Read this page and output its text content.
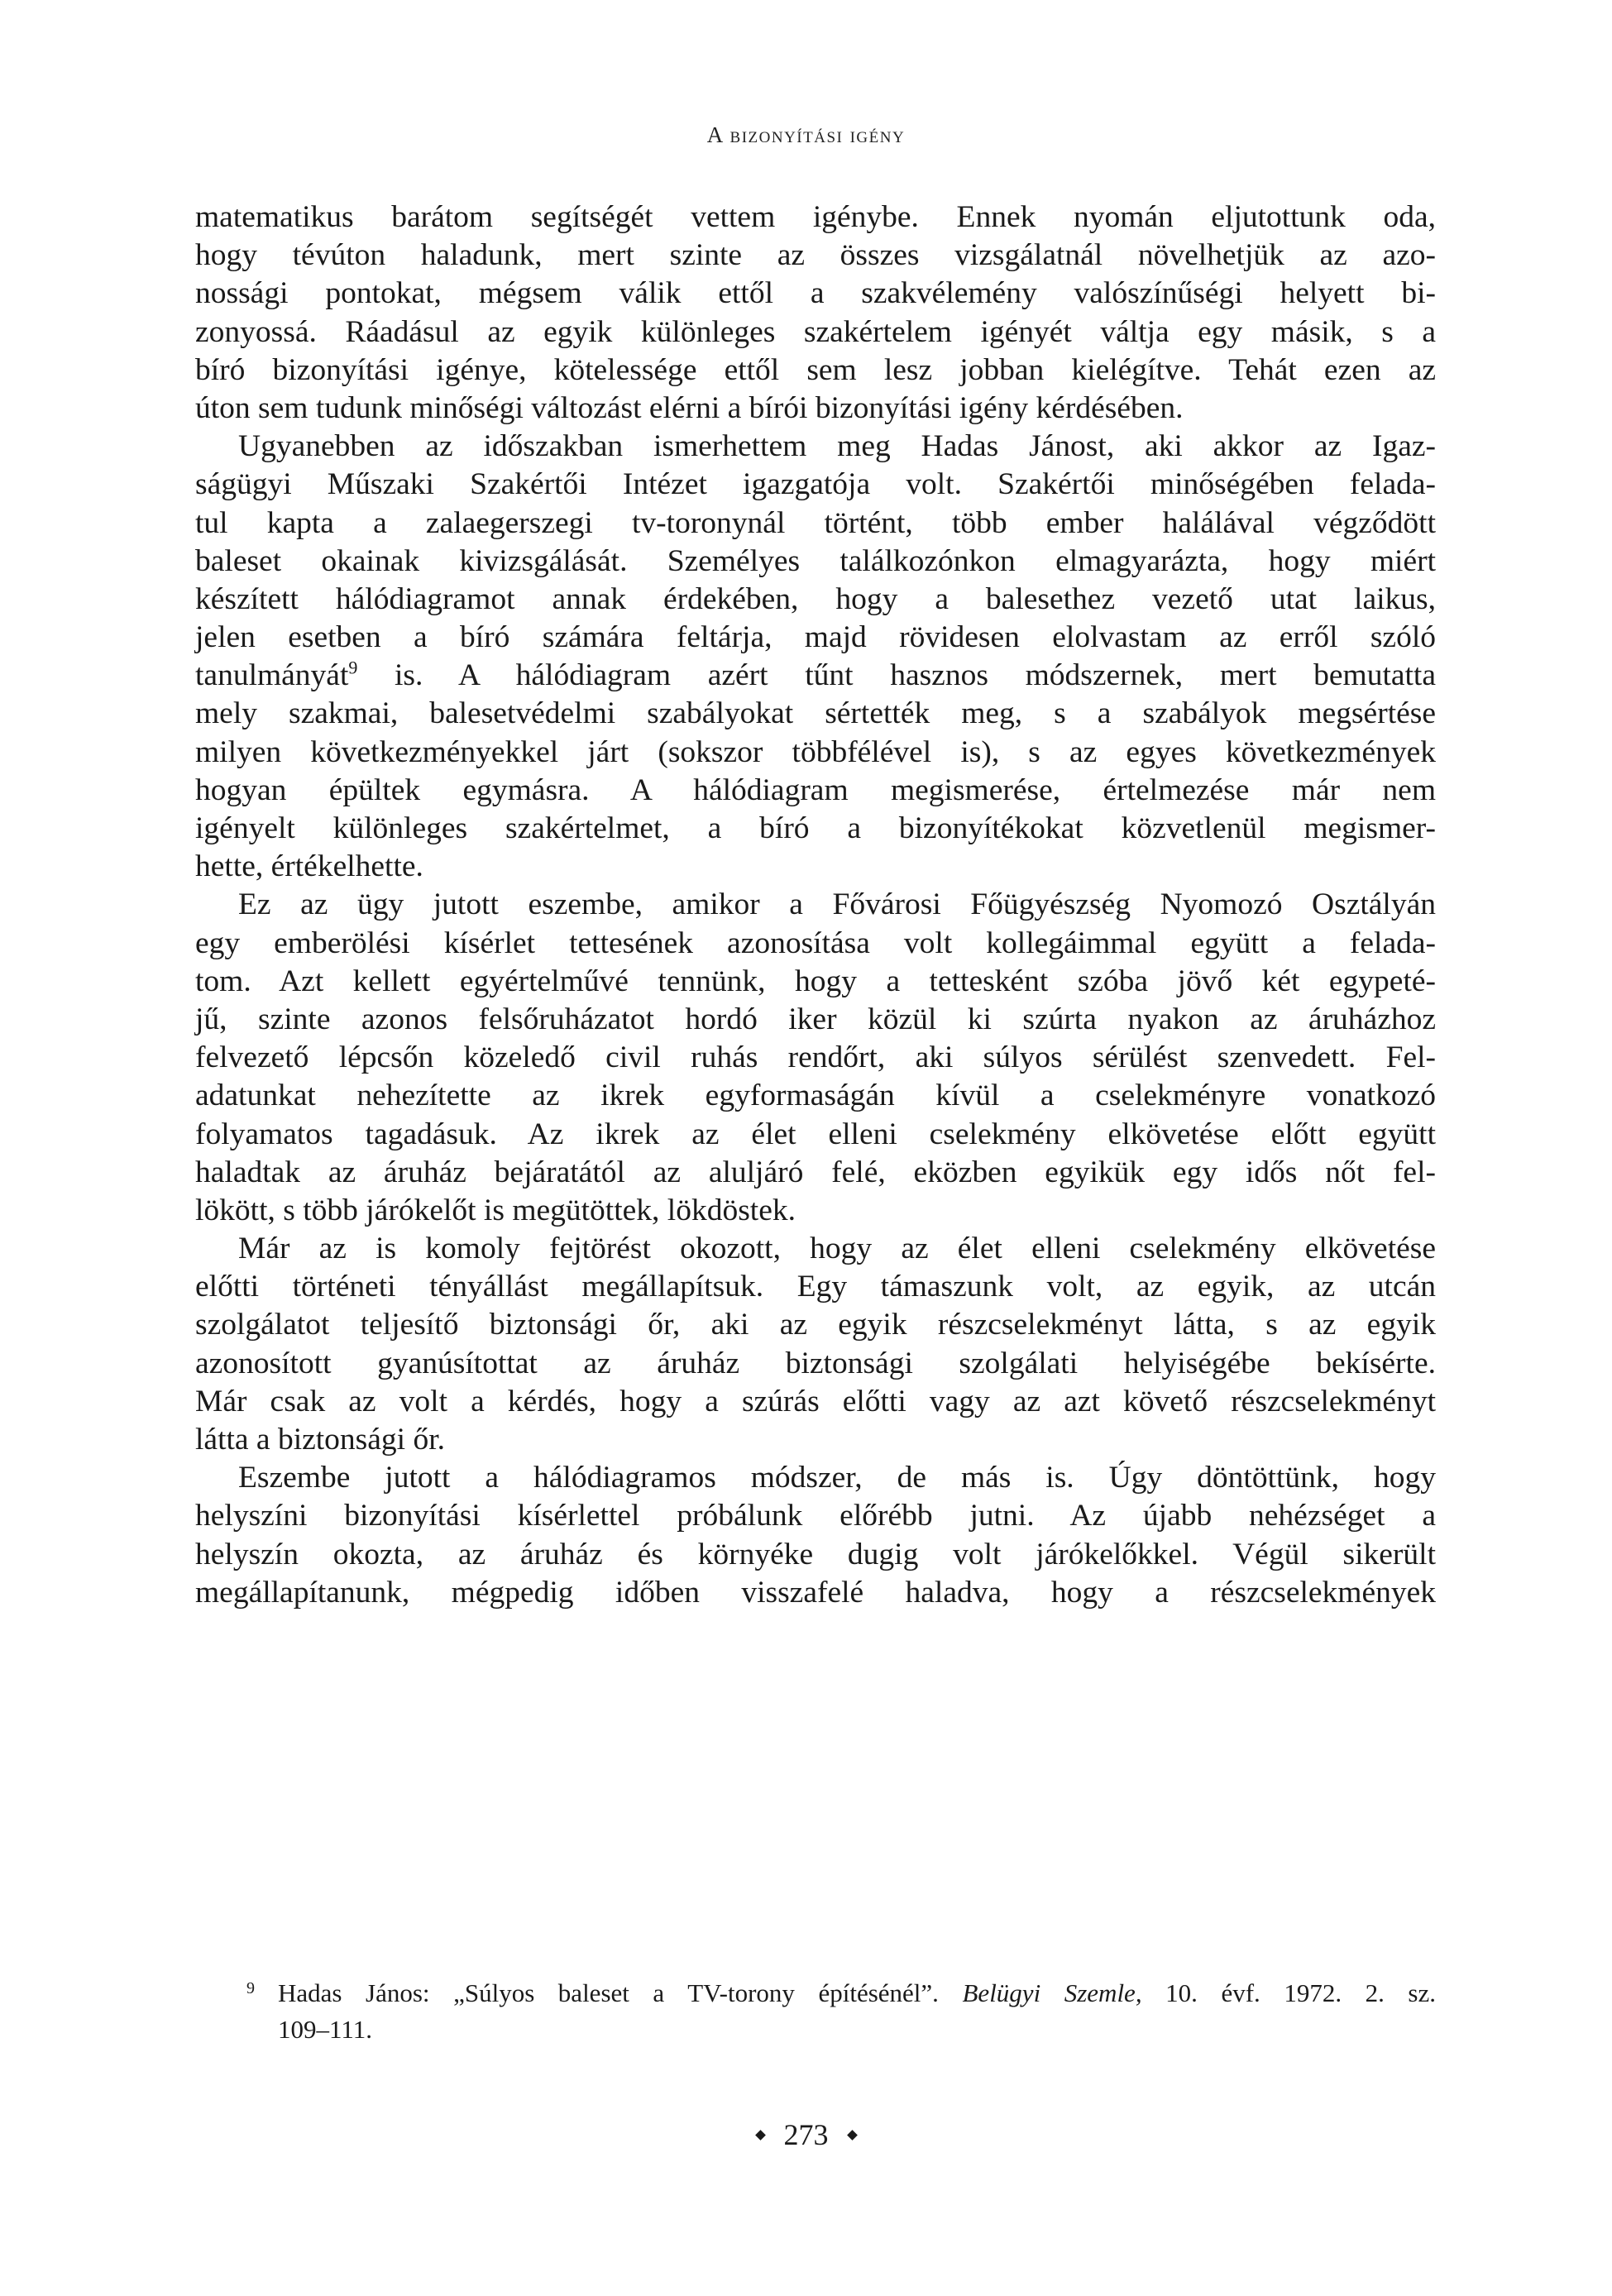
A bizonyítási igény
matematikus barátom segítségét vettem igénybe. Ennek nyomán eljutottunk oda,
hogy tévúton haladunk, mert szinte az összes vizsgálatnál növelhetjük az azo-
nossági pontokat, mégsem válik ettől a szakvélemény valószínűségi helyett bi-
zonyossá. Ráadásul az egyik különleges szakértelem igényét váltja egy másik, s a
bíró bizonyítási igénye, kötelessége ettől sem lesz jobban kielégítve. Tehát ezen az
úton sem tudunk minőségi változást elérni a bírói bizonyítási igény kérdésében.
Ugyanebben az időszakban ismerhettem meg Hadas Jánost, aki akkor az Igaz-
ságügyi Műszaki Szakértői Intézet igazgatója volt. Szakértői minőségében felada-
tul kapta a zalaegerszegi tv-toronynál történt, több ember halálával végződött
baleset okainak kivizsgálását. Személyes találkozónkon elmagyarázta, hogy miért
készített hálódiagramot annak érdekében, hogy a balesethez vezető utat laikus,
jelen esetben a bíró számára feltárja, majd rövidesen elolvastam az erről szóló
tanulmányát$^9$ is. A hálódiagram azért tűnt hasznos módszernek, mert bemutatta
mely szakmai, balesetvédelmi szabályokat sértették meg, s a szabályok megsértése
milyen következményekkel járt (sokszor többfélével is), s az egyes következmények
hogyan épültek egymásra. A hálódiagram megismerése, értelmezése már nem
igényelt különleges szakértelmet, a bíró a bizonyítékokat közvetlenül megismer-
hette, értékelhette.
Ez az ügy jutott eszembe, amikor a Fővárosi Főügyészség Nyomozó Osztályán
egy emberölési kísérlet tettesének azonosítása volt kollegáimmal együtt a felada-
tom. Azt kellett egyértelművé tennünk, hogy a tettesként szóba jövő két egypeté-
jű, szinte azonos felsőruházatot hordó iker közül ki szúrta nyakon az áruházhoz
felvezető lépcsőn közeledő civil ruhás rendőrt, aki súlyos sérülést szenvedett. Fel-
adatunkat nehezítette az ikrek egyformaságán kívül a cselekményre vonatkozó
folyamatos tagadásuk. Az ikrek az élet elleni cselekmény elkövetése előtt együtt
haladtak az áruház bejáratától az aluljáró felé, eközben egyikük egy idős nőt fel-
lökött, s több járókelőt is megütöttek, lökdöstek.
Már az is komoly fejtörést okozott, hogy az élet elleni cselekmény elkövetése
előtti történeti tényállást megállapítsuk. Egy támaszunk volt, az egyik, az utcán
szolgálatot teljesítő biztonsági őr, aki az egyik részcselekményt látta, s az egyik
azonosított gyanúsítottat az áruház biztonsági szolgálati helyiségébe bekísérte.
Már csak az volt a kérdés, hogy a szúrás előtti vagy az azt követő részcselekményt
látta a biztonsági őr.
Eszembe jutott a hálódiagramos módszer, de más is. Úgy döntöttünk, hogy
helyszíni bizonyítási kísérlettel próbálunk előrébb jutni. Az újabb nehézséget a
helyszín okozta, az áruház és környéke dugig volt járókelőkkel. Végül sikerült
megállapítanunk, mégpedig időben visszafelé haladva, hogy a részcselekmények
9 Hadas János: „Súlyos baleset a TV-torony építésénél”. Belügyi Szemle, 10. évf. 1972. 2. sz.
109–111.
273
